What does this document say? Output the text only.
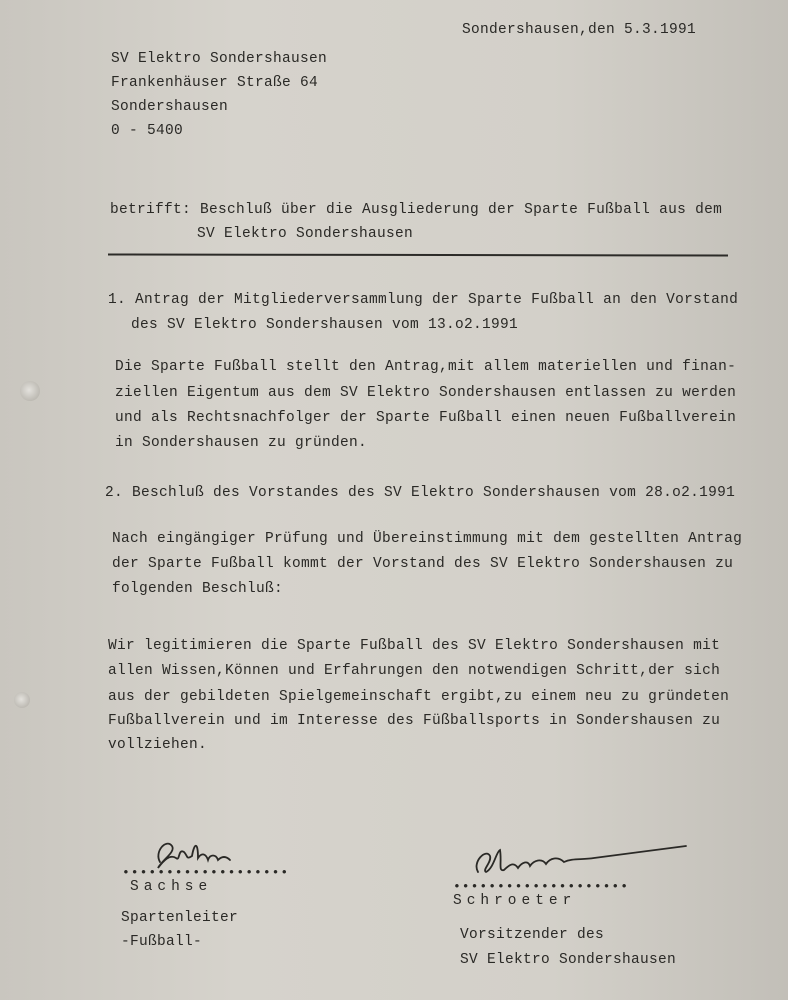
Sondershausen,den 5.3.1991
SV Elektro Sondershausen
Frankenhäuser Straße 64
Sondershausen
0 - 5400
betrifft: Beschluß über die Ausgliederung der Sparte Fußball aus dem
SV Elektro Sondershausen
1. Antrag der Mitgliederversammlung der Sparte Fußball an den Vorstand
des SV Elektro Sondershausen vom 13.o2.1991
Die Sparte Fußball stellt den Antrag,mit allem materiellen und finan-
ziellen Eigentum aus dem SV Elektro Sondershausen entlassen zu werden
und als Rechtsnachfolger der Sparte Fußball einen neuen Fußballverein
in Sondershausen zu gründen.
2. Beschluß des Vorstandes des SV Elektro Sondershausen vom 28.o2.1991
Nach eingängiger Prüfung und Übereinstimmung mit dem gestellten Antrag
der Sparte Fußball kommt der Vorstand des SV Elektro Sondershausen zu
folgenden Beschluß:
Wir legitimieren die Sparte Fußball des SV Elektro Sondershausen mit
allen Wissen,Können und Erfahrungen den notwendigen Schritt,der sich
aus der gebildeten Spielgemeinschaft ergibt,zu einem neu zu gründeten
Fußballverein und im Interesse des Füßballsports in Sondershausen zu
vollziehen.
•••••••••••••••••••
Sachse
Spartenleiter
-Fußball-
••••••••••••••••••••
Schroeter
Vorsitzender des
SV Elektro Sondershausen
